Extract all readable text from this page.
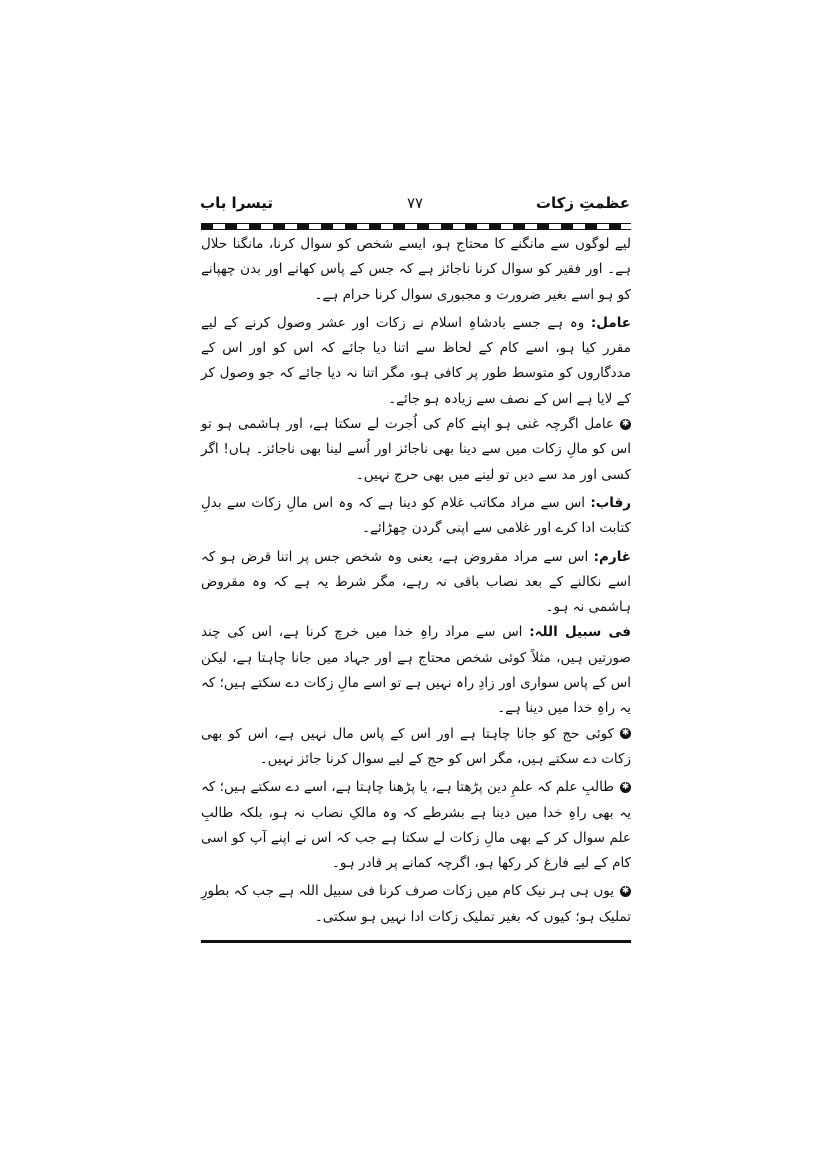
عظمتِ زکات
۷۷
تیسرا باب

لیے لوگوں سے مانگنے کا محتاج ہو، ایسے شخص کو سوال کرنا، مانگنا حلال ہے۔ اور فقیر کو سوال کرنا ناجائز ہے کہ جس کے پاس کھانے اور بدن چھپانے کو ہو اسے بغیر ضرورت و مجبوری سوال کرنا حرام ہے۔

عامل: وہ ہے جسے بادشاہِ اسلام نے زکات اور عشر وصول کرنے کے لیے مقرر کیا ہو، اسے کام کے لحاظ سے اتنا دیا جائے کہ اس کو اور اس کے مددگاروں کو متوسط طور پر کافی ہو، مگر اتنا نہ دیا جائے کہ جو وصول کر کے لایا ہے اس کے نصف سے زیادہ ہو جائے۔

✱عامل اگرچہ غنی ہو اپنے کام کی اُجرت لے سکتا ہے، اور ہاشمی ہو تو اس کو مالِ زکات میں سے دینا بھی ناجائز اور اُسے لینا بھی ناجائز۔ ہاں! اگر کسی اور مد سے دیں تو لینے میں بھی حرج نہیں۔

رقاب: اس سے مراد مکاتب غلام کو دینا ہے کہ وہ اس مالِ زکات سے بدلِ کتابت ادا کرے اور غلامی سے اپنی گردن چھڑائے۔

غارم: اس سے مراد مقروض ہے، یعنی وہ شخص جس پر اتنا قرض ہو کہ اسے نکالنے کے بعد نصاب باقی نہ رہے، مگر شرط یہ ہے کہ وہ مقروض ہاشمی نہ ہو۔

فی سبیل اللہ: اس سے مراد راہِ خدا میں خرچ کرنا ہے، اس کی چند صورتیں ہیں، مثلاً کوئی شخص محتاج ہے اور جہاد میں جانا چاہتا ہے، لیکن اس کے پاس سواری اور زادِ راہ نہیں ہے تو اسے مالِ زکات دے سکتے ہیں؛ کہ یہ راہِ خدا میں دینا ہے۔

✱کوئی حج کو جانا چاہتا ہے اور اس کے پاس مال نہیں ہے، اس کو بھی زکات دے سکتے ہیں، مگر اس کو حج کے لیے سوال کرنا جائز نہیں۔

✱طالبِ علم کہ علمِ دین پڑھتا ہے، یا پڑھنا چاہتا ہے، اسے دے سکتے ہیں؛ کہ یہ بھی راہِ خدا میں دینا ہے بشرطے کہ وہ مالکِ نصاب نہ ہو، بلکہ طالبِ علم سوال کر کے بھی مالِ زکات لے سکتا ہے جب کہ اس نے اپنے آپ کو اسی کام کے لیے فارغ کر رکھا ہو، اگرچہ کمانے پر قادر ہو۔

✱یوں ہی ہر نیک کام میں زکات صرف کرنا فی سبیل اللہ ہے جب کہ بطورِ تملیک ہو؛ کیوں کہ بغیر تملیک زکات ادا نہیں ہو سکتی۔
